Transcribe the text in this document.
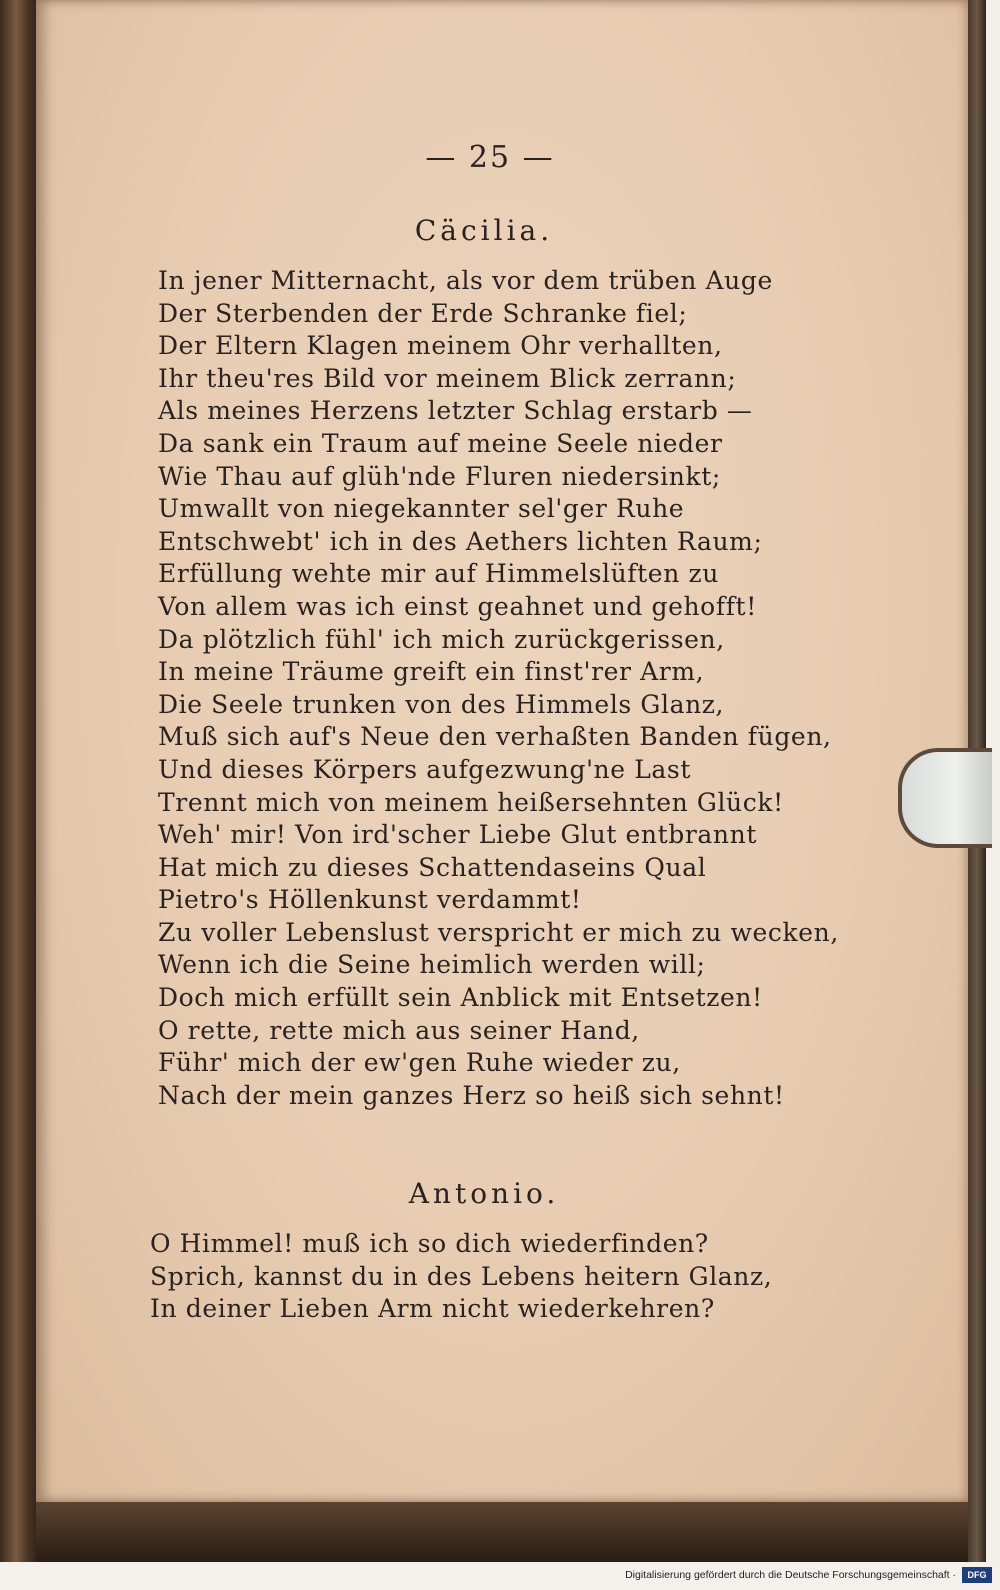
— 25 —
Cäcilia.
In jener Mitternacht, als vor dem trüben Auge
Der Sterbenden der Erde Schranke fiel;
Der Eltern Klagen meinem Ohr verhallten,
Ihr theu'res Bild vor meinem Blick zerrann;
Als meines Herzens letzter Schlag erstarb —
Da sank ein Traum auf meine Seele nieder
Wie Thau auf glüh'nde Fluren niedersinkt;
Umwallt von niegekannter sel'ger Ruhe
Entschwebt' ich in des Aethers lichten Raum;
Erfüllung wehte mir auf Himmelslüften zu
Von allem was ich einst geahnet und gehofft!
Da plötzlich fühl' ich mich zurückgerissen,
In meine Träume greift ein finst'rer Arm,
Die Seele trunken von des Himmels Glanz,
Muß sich auf's Neue den verhaßten Banden fügen,
Und dieses Körpers aufgezwung'ne Last
Trennt mich von meinem heißersehnten Glück!
Weh' mir! Von ird'scher Liebe Glut entbrannt
Hat mich zu dieses Schattendaseins Qual
Pietro's Höllenkunst verdammt!
Zu voller Lebenslust verspricht er mich zu wecken,
Wenn ich die Seine heimlich werden will;
Doch mich erfüllt sein Anblick mit Entsetzen!
O rette, rette mich aus seiner Hand,
Führ' mich der ew'gen Ruhe wieder zu,
Nach der mein ganzes Herz so heiß sich sehnt!
Antonio.
O Himmel! muß ich so dich wiederfinden?
Sprich, kannst du in des Lebens heitern Glanz,
In deiner Lieben Arm nicht wiederkehren?
Digitalisierung gefördert durch die Deutsche Forschungsgemeinschaft ·	DFG
